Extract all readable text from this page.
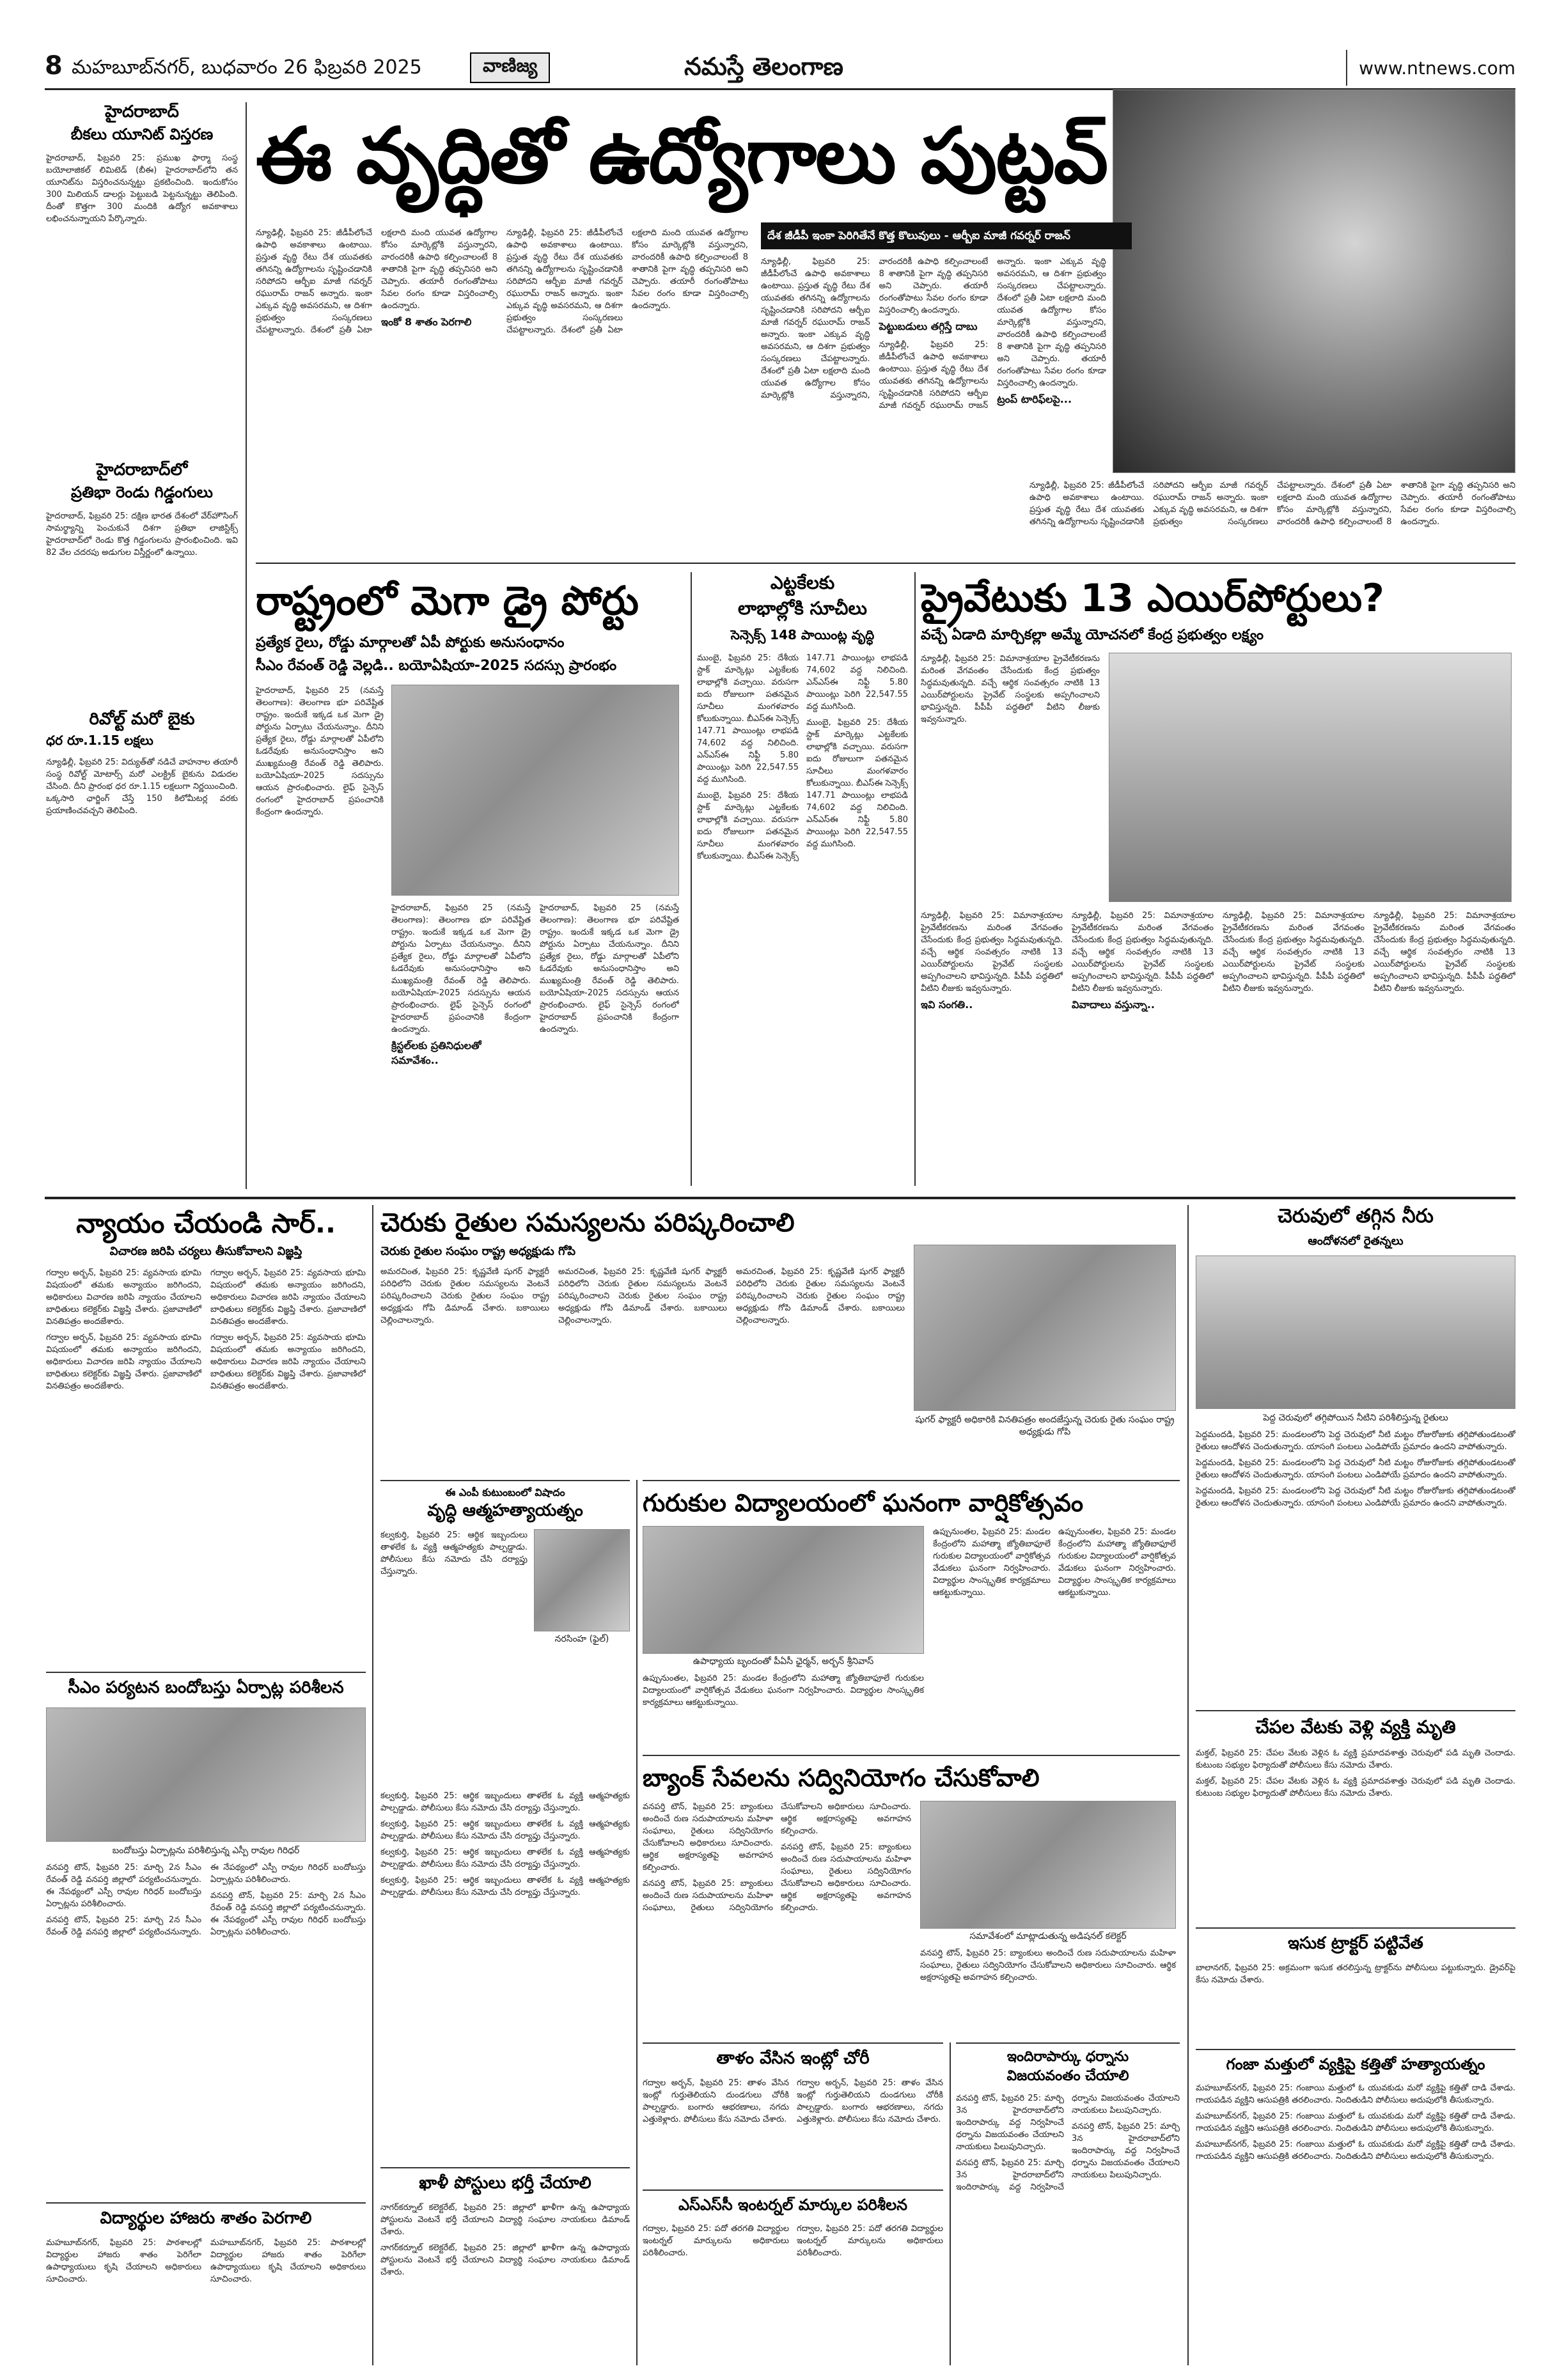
8 మహబూబ్‌నగర్, బుధవారం 26 ఫిబ్రవరి 2025	వాణిజ్య	నమస్తే తెలంగాణ	www.ntnews.com
హైదరాబాద్
బీకలు యూనిట్ విస్తరణ
హైదరాబాద్, ఫిబ్రవరి 25: ప్రముఖ ఫార్మా సంస్థ బయోలాజికల్ లిమిటెడ్ (బీఈ) హైదరాబాద్‌లోని తన యూనిట్‌ను విస్తరించనున్నట్టు ప్రకటించింది. ఇందుకోసం 300 మిలియన్ డాలర్లు పెట్టుబడి పెట్టనున్నట్టు తెలిపింది. దీంతో కొత్తగా 300 మందికి ఉద్యోగ అవకాశాలు లభించనున్నాయని పేర్కొన్నారు.
హైదరాబాద్‌లో
ప్రతిభా రెండు గిడ్డంగులు
హైదరాబాద్, ఫిబ్రవరి 25: దక్షిణ భారత దేశంలో వేర్‌హౌసింగ్ సామర్థ్యాన్ని పెంచుకునే దిశగా ప్రతిభా లాజిస్టిక్స్ హైదరాబాద్‌లో రెండు కొత్త గిడ్డంగులను ప్రారంభించింది. ఇవి 82 వేల చదరపు అడుగుల విస్తీర్ణంలో ఉన్నాయి.
రివోల్ట్ మరో బైకు
ధర రూ.1.15 లక్షలు
న్యూఢిల్లీ, ఫిబ్రవరి 25: విద్యుత్‌తో నడిచే వాహనాల తయారీ సంస్థ రివోల్ట్ మోటార్స్ మరో ఎలక్ట్రిక్ బైకును విడుదల చేసింది. దీని ప్రారంభ ధర రూ.1.15 లక్షలుగా నిర్ణయించింది. ఒక్కసారి ఛార్జింగ్ చేస్తే 150 కిలోమీటర్ల వరకు ప్రయాణించవచ్చని తెలిపింది.
ఈ వృద్ధితో ఉద్యోగాలు పుట్టవ్
దేశ జీడీపీ ఇంకా పెరిగితేనే కొత్త కొలువులు - ఆర్బీఐ మాజీ గవర్నర్ రాజన్
న్యూఢిల్లీ, ఫిబ్రవరి 25: జీడీపీలోంచే ఉపాధి అవకాశాలు ఉంటాయి. ప్రస్తుత వృద్ధి రేటు దేశ యువతకు తగినన్ని ఉద్యోగాలను సృష్టించడానికి సరిపోదని ఆర్బీఐ మాజీ గవర్నర్ రఘురామ్ రాజన్ అన్నారు. ఇంకా ఎక్కువ వృద్ధి అవసరమని, ఆ దిశగా ప్రభుత్వం సంస్కరణలు చేపట్టాలన్నారు. దేశంలో ప్రతీ ఏటా లక్షలాది మంది యువత ఉద్యోగాల కోసం మార్కెట్లోకి వస్తున్నారని, వారందరికీ ఉపాధి కల్పించాలంటే 8 శాతానికి పైగా వృద్ధి తప్పనిసరి అని చెప్పారు. తయారీ రంగంతోపాటు సేవల రంగం కూడా విస్తరించాల్సి ఉందన్నారు.
ఇంకో 8 శాతం పెరగాలి
న్యూఢిల్లీ, ఫిబ్రవరి 25: జీడీపీలోంచే ఉపాధి అవకాశాలు ఉంటాయి. ప్రస్తుత వృద్ధి రేటు దేశ యువతకు తగినన్ని ఉద్యోగాలను సృష్టించడానికి సరిపోదని ఆర్బీఐ మాజీ గవర్నర్ రఘురామ్ రాజన్ అన్నారు. ఇంకా ఎక్కువ వృద్ధి అవసరమని, ఆ దిశగా ప్రభుత్వం సంస్కరణలు చేపట్టాలన్నారు. దేశంలో ప్రతీ ఏటా లక్షలాది మంది యువత ఉద్యోగాల కోసం మార్కెట్లోకి వస్తున్నారని, వారందరికీ ఉపాధి కల్పించాలంటే 8 శాతానికి పైగా వృద్ధి తప్పనిసరి అని చెప్పారు. తయారీ రంగంతోపాటు సేవల రంగం కూడా విస్తరించాల్సి ఉందన్నారు.
న్యూఢిల్లీ, ఫిబ్రవరి 25: జీడీపీలోంచే ఉపాధి అవకాశాలు ఉంటాయి. ప్రస్తుత వృద్ధి రేటు దేశ యువతకు తగినన్ని ఉద్యోగాలను సృష్టించడానికి సరిపోదని ఆర్బీఐ మాజీ గవర్నర్ రఘురామ్ రాజన్ అన్నారు. ఇంకా ఎక్కువ వృద్ధి అవసరమని, ఆ దిశగా ప్రభుత్వం సంస్కరణలు చేపట్టాలన్నారు. దేశంలో ప్రతీ ఏటా లక్షలాది మంది యువత ఉద్యోగాల కోసం మార్కెట్లోకి వస్తున్నారని, వారందరికీ ఉపాధి కల్పించాలంటే 8 శాతానికి పైగా వృద్ధి తప్పనిసరి అని చెప్పారు. తయారీ రంగంతోపాటు సేవల రంగం కూడా విస్తరించాల్సి ఉందన్నారు.
పెట్టుబడులు తగ్గిస్తే దాబు
న్యూఢిల్లీ, ఫిబ్రవరి 25: జీడీపీలోంచే ఉపాధి అవకాశాలు ఉంటాయి. ప్రస్తుత వృద్ధి రేటు దేశ యువతకు తగినన్ని ఉద్యోగాలను సృష్టించడానికి సరిపోదని ఆర్బీఐ మాజీ గవర్నర్ రఘురామ్ రాజన్ అన్నారు. ఇంకా ఎక్కువ వృద్ధి అవసరమని, ఆ దిశగా ప్రభుత్వం సంస్కరణలు చేపట్టాలన్నారు. దేశంలో ప్రతీ ఏటా లక్షలాది మంది యువత ఉద్యోగాల కోసం మార్కెట్లోకి వస్తున్నారని, వారందరికీ ఉపాధి కల్పించాలంటే 8 శాతానికి పైగా వృద్ధి తప్పనిసరి అని చెప్పారు. తయారీ రంగంతోపాటు సేవల రంగం కూడా విస్తరించాల్సి ఉందన్నారు.
ట్రంప్ టారిఫ్‌లపై...
న్యూఢిల్లీ, ఫిబ్రవరి 25: జీడీపీలోంచే ఉపాధి అవకాశాలు ఉంటాయి. ప్రస్తుత వృద్ధి రేటు దేశ యువతకు తగినన్ని ఉద్యోగాలను సృష్టించడానికి సరిపోదని ఆర్బీఐ మాజీ గవర్నర్ రఘురామ్ రాజన్ అన్నారు. ఇంకా ఎక్కువ వృద్ధి అవసరమని, ఆ దిశగా ప్రభుత్వం సంస్కరణలు చేపట్టాలన్నారు. దేశంలో ప్రతీ ఏటా లక్షలాది మంది యువత ఉద్యోగాల కోసం మార్కెట్లోకి వస్తున్నారని, వారందరికీ ఉపాధి కల్పించాలంటే 8 శాతానికి పైగా వృద్ధి తప్పనిసరి అని చెప్పారు. తయారీ రంగంతోపాటు సేవల రంగం కూడా విస్తరించాల్సి ఉందన్నారు.
రాష్ట్రంలో మెగా డ్రై పోర్టు
ప్రత్యేక రైలు, రోడ్డు మార్గాలతో ఏపీ పోర్టుకు అనుసంధానం
సీఎం రేవంత్ రెడ్డి వెల్లడి.. బయోఏషియా-2025 సదస్సు ప్రారంభం
హైదరాబాద్, ఫిబ్రవరి 25 (నమస్తే తెలంగాణ): తెలంగాణ భూ పరివేష్టిత రాష్ట్రం. ఇందుకే ఇక్కడ ఒక మెగా డ్రై పోర్టును ఏర్పాటు చేయనున్నాం. దీనిని ప్రత్యేక రైలు, రోడ్డు మార్గాలతో ఏపీలోని ఓడరేవుకు అనుసంధానిస్తాం అని ముఖ్యమంత్రి రేవంత్ రెడ్డి తెలిపారు. బయోఏషియా-2025 సదస్సును ఆయన ప్రారంభించారు. లైఫ్ సైన్సెస్ రంగంలో హైదరాబాద్ ప్రపంచానికి కేంద్రంగా ఉందన్నారు.
హైదరాబాద్, ఫిబ్రవరి 25 (నమస్తే తెలంగాణ): తెలంగాణ భూ పరివేష్టిత రాష్ట్రం. ఇందుకే ఇక్కడ ఒక మెగా డ్రై పోర్టును ఏర్పాటు చేయనున్నాం. దీనిని ప్రత్యేక రైలు, రోడ్డు మార్గాలతో ఏపీలోని ఓడరేవుకు అనుసంధానిస్తాం అని ముఖ్యమంత్రి రేవంత్ రెడ్డి తెలిపారు. బయోఏషియా-2025 సదస్సును ఆయన ప్రారంభించారు. లైఫ్ సైన్సెస్ రంగంలో హైదరాబాద్ ప్రపంచానికి కేంద్రంగా ఉందన్నారు.
క్రిస్టల్‌లకు ప్రతినిధులతో సమావేశం..
హైదరాబాద్, ఫిబ్రవరి 25 (నమస్తే తెలంగాణ): తెలంగాణ భూ పరివేష్టిత రాష్ట్రం. ఇందుకే ఇక్కడ ఒక మెగా డ్రై పోర్టును ఏర్పాటు చేయనున్నాం. దీనిని ప్రత్యేక రైలు, రోడ్డు మార్గాలతో ఏపీలోని ఓడరేవుకు అనుసంధానిస్తాం అని ముఖ్యమంత్రి రేవంత్ రెడ్డి తెలిపారు. బయోఏషియా-2025 సదస్సును ఆయన ప్రారంభించారు. లైఫ్ సైన్సెస్ రంగంలో హైదరాబాద్ ప్రపంచానికి కేంద్రంగా ఉందన్నారు.
ఎట్టకేలకు
లాభాల్లోకి సూచీలు
సెన్సెక్స్ 148 పాయింట్ల వృద్ధి
ముంబై, ఫిబ్రవరి 25: దేశీయ స్టాక్ మార్కెట్లు ఎట్టకేలకు లాభాల్లోకి వచ్చాయి. వరుసగా ఐదు రోజులుగా పతనమైన సూచీలు మంగళవారం కోలుకున్నాయి. బీఎస్‌ఈ సెన్సెక్స్ 147.71 పాయింట్లు లాభపడి 74,602 వద్ద నిలిచింది. ఎన్‌ఎస్‌ఈ నిఫ్టీ 5.80 పాయింట్లు పెరిగి 22,547.55 వద్ద ముగిసింది.
ముంబై, ఫిబ్రవరి 25: దేశీయ స్టాక్ మార్కెట్లు ఎట్టకేలకు లాభాల్లోకి వచ్చాయి. వరుసగా ఐదు రోజులుగా పతనమైన సూచీలు మంగళవారం కోలుకున్నాయి. బీఎస్‌ఈ సెన్సెక్స్ 147.71 పాయింట్లు లాభపడి 74,602 వద్ద నిలిచింది. ఎన్‌ఎస్‌ఈ నిఫ్టీ 5.80 పాయింట్లు పెరిగి 22,547.55 వద్ద ముగిసింది.
ముంబై, ఫిబ్రవరి 25: దేశీయ స్టాక్ మార్కెట్లు ఎట్టకేలకు లాభాల్లోకి వచ్చాయి. వరుసగా ఐదు రోజులుగా పతనమైన సూచీలు మంగళవారం కోలుకున్నాయి. బీఎస్‌ఈ సెన్సెక్స్ 147.71 పాయింట్లు లాభపడి 74,602 వద్ద నిలిచింది. ఎన్‌ఎస్‌ఈ నిఫ్టీ 5.80 పాయింట్లు పెరిగి 22,547.55 వద్ద ముగిసింది.
ప్రైవేటుకు 13 ఎయిర్‌పోర్టులు?
వచ్చే ఏడాది మార్చికల్లా అమ్మే యోచనలో కేంద్ర ప్రభుత్వం లక్ష్యం
న్యూఢిల్లీ, ఫిబ్రవరి 25: విమానాశ్రయాల ప్రైవేటీకరణను మరింత వేగవంతం చేసేందుకు కేంద్ర ప్రభుత్వం సిద్ధమవుతున్నది. వచ్చే ఆర్థిక సంవత్సరం నాటికి 13 ఎయిర్‌పోర్టులను ప్రైవేట్ సంస్థలకు అప్పగించాలని భావిస్తున్నది. పీపీపీ పద్ధతిలో వీటిని లీజుకు ఇవ్వనున్నారు.
న్యూఢిల్లీ, ఫిబ్రవరి 25: విమానాశ్రయాల ప్రైవేటీకరణను మరింత వేగవంతం చేసేందుకు కేంద్ర ప్రభుత్వం సిద్ధమవుతున్నది. వచ్చే ఆర్థిక సంవత్సరం నాటికి 13 ఎయిర్‌పోర్టులను ప్రైవేట్ సంస్థలకు అప్పగించాలని భావిస్తున్నది. పీపీపీ పద్ధతిలో వీటిని లీజుకు ఇవ్వనున్నారు.
ఇవి సంగతి..
న్యూఢిల్లీ, ఫిబ్రవరి 25: విమానాశ్రయాల ప్రైవేటీకరణను మరింత వేగవంతం చేసేందుకు కేంద్ర ప్రభుత్వం సిద్ధమవుతున్నది. వచ్చే ఆర్థిక సంవత్సరం నాటికి 13 ఎయిర్‌పోర్టులను ప్రైవేట్ సంస్థలకు అప్పగించాలని భావిస్తున్నది. పీపీపీ పద్ధతిలో వీటిని లీజుకు ఇవ్వనున్నారు.
వివాదాలు వస్తున్నా..
న్యూఢిల్లీ, ఫిబ్రవరి 25: విమానాశ్రయాల ప్రైవేటీకరణను మరింత వేగవంతం చేసేందుకు కేంద్ర ప్రభుత్వం సిద్ధమవుతున్నది. వచ్చే ఆర్థిక సంవత్సరం నాటికి 13 ఎయిర్‌పోర్టులను ప్రైవేట్ సంస్థలకు అప్పగించాలని భావిస్తున్నది. పీపీపీ పద్ధతిలో వీటిని లీజుకు ఇవ్వనున్నారు.
న్యూఢిల్లీ, ఫిబ్రవరి 25: విమానాశ్రయాల ప్రైవేటీకరణను మరింత వేగవంతం చేసేందుకు కేంద్ర ప్రభుత్వం సిద్ధమవుతున్నది. వచ్చే ఆర్థిక సంవత్సరం నాటికి 13 ఎయిర్‌పోర్టులను ప్రైవేట్ సంస్థలకు అప్పగించాలని భావిస్తున్నది. పీపీపీ పద్ధతిలో వీటిని లీజుకు ఇవ్వనున్నారు.
న్యాయం చేయండి సార్..
విచారణ జరిపి చర్యలు తీసుకోవాలని విజ్ఞప్తి
గద్వాల అర్బన్, ఫిబ్రవరి 25: వ్యవసాయ భూమి విషయంలో తమకు అన్యాయం జరిగిందని, అధికారులు విచారణ జరిపి న్యాయం చేయాలని బాధితులు కలెక్టర్‌కు విజ్ఞప్తి చేశారు. ప్రజావాణిలో వినతిపత్రం అందజేశారు.
గద్వాల అర్బన్, ఫిబ్రవరి 25: వ్యవసాయ భూమి విషయంలో తమకు అన్యాయం జరిగిందని, అధికారులు విచారణ జరిపి న్యాయం చేయాలని బాధితులు కలెక్టర్‌కు విజ్ఞప్తి చేశారు. ప్రజావాణిలో వినతిపత్రం అందజేశారు.
గద్వాల అర్బన్, ఫిబ్రవరి 25: వ్యవసాయ భూమి విషయంలో తమకు అన్యాయం జరిగిందని, అధికారులు విచారణ జరిపి న్యాయం చేయాలని బాధితులు కలెక్టర్‌కు విజ్ఞప్తి చేశారు. ప్రజావాణిలో వినతిపత్రం అందజేశారు.
గద్వాల అర్బన్, ఫిబ్రవరి 25: వ్యవసాయ భూమి విషయంలో తమకు అన్యాయం జరిగిందని, అధికారులు విచారణ జరిపి న్యాయం చేయాలని బాధితులు కలెక్టర్‌కు విజ్ఞప్తి చేశారు. ప్రజావాణిలో వినతిపత్రం అందజేశారు.
సీఎం పర్యటన బందోబస్తు ఏర్పాట్ల పరిశీలన
బందోబస్తు ఏర్పాట్లను పరిశీలిస్తున్న ఎస్పీ రావుల గిరిధర్
వనపర్తి టౌన్, ఫిబ్రవరి 25: మార్చి 2న సీఎం రేవంత్ రెడ్డి వనపర్తి జిల్లాలో పర్యటించనున్నారు. ఈ నేపథ్యంలో ఎస్పీ రావుల గిరిధర్ బందోబస్తు ఏర్పాట్లను పరిశీలించారు.
వనపర్తి టౌన్, ఫిబ్రవరి 25: మార్చి 2న సీఎం రేవంత్ రెడ్డి వనపర్తి జిల్లాలో పర్యటించనున్నారు. ఈ నేపథ్యంలో ఎస్పీ రావుల గిరిధర్ బందోబస్తు ఏర్పాట్లను పరిశీలించారు.
వనపర్తి టౌన్, ఫిబ్రవరి 25: మార్చి 2న సీఎం రేవంత్ రెడ్డి వనపర్తి జిల్లాలో పర్యటించనున్నారు. ఈ నేపథ్యంలో ఎస్పీ రావుల గిరిధర్ బందోబస్తు ఏర్పాట్లను పరిశీలించారు.
విద్యార్థుల హాజరు శాతం పెరగాలి
మహబూబ్‌నగర్, ఫిబ్రవరి 25: పాఠశాలల్లో విద్యార్థుల హాజరు శాతం పెరిగేలా ఉపాధ్యాయులు కృషి చేయాలని అధికారులు సూచించారు.
మహబూబ్‌నగర్, ఫిబ్రవరి 25: పాఠశాలల్లో విద్యార్థుల హాజరు శాతం పెరిగేలా ఉపాధ్యాయులు కృషి చేయాలని అధికారులు సూచించారు.
చెరుకు రైతుల సమస్యలను పరిష్కరించాలి
చెరుకు రైతుల సంఘం రాష్ట్ర అధ్యక్షుడు గోపి
అమరచింత, ఫిబ్రవరి 25: కృష్ణవేణి షుగర్ ఫ్యాక్టరీ పరిధిలోని చెరుకు రైతుల సమస్యలను వెంటనే పరిష్కరించాలని చెరుకు రైతుల సంఘం రాష్ట్ర అధ్యక్షుడు గోపి డిమాండ్ చేశారు. బకాయిలు చెల్లించాలన్నారు.
అమరచింత, ఫిబ్రవరి 25: కృష్ణవేణి షుగర్ ఫ్యాక్టరీ పరిధిలోని చెరుకు రైతుల సమస్యలను వెంటనే పరిష్కరించాలని చెరుకు రైతుల సంఘం రాష్ట్ర అధ్యక్షుడు గోపి డిమాండ్ చేశారు. బకాయిలు చెల్లించాలన్నారు.
అమరచింత, ఫిబ్రవరి 25: కృష్ణవేణి షుగర్ ఫ్యాక్టరీ పరిధిలోని చెరుకు రైతుల సమస్యలను వెంటనే పరిష్కరించాలని చెరుకు రైతుల సంఘం రాష్ట్ర అధ్యక్షుడు గోపి డిమాండ్ చేశారు. బకాయిలు చెల్లించాలన్నారు.
షుగర్ ఫ్యాక్టరీ అధికారికి వినతిపత్రం అందజేస్తున్న చెరుకు రైతు సంఘం రాష్ట్ర అధ్యక్షుడు గోపి
ఈ ఎంపీ కుటుంబంలో విషాదం
వృద్ధి ఆత్మహత్యాయత్నం
కల్వకుర్తి, ఫిబ్రవరి 25: ఆర్థిక ఇబ్బందులు తాళలేక ఓ వ్యక్తి ఆత్మహత్యకు పాల్పడ్డాడు. పోలీసులు కేసు నమోదు చేసి దర్యాప్తు చేస్తున్నారు.
నరసింహ (ఫైల్)
కల్వకుర్తి, ఫిబ్రవరి 25: ఆర్థిక ఇబ్బందులు తాళలేక ఓ వ్యక్తి ఆత్మహత్యకు పాల్పడ్డాడు. పోలీసులు కేసు నమోదు చేసి దర్యాప్తు చేస్తున్నారు.
కల్వకుర్తి, ఫిబ్రవరి 25: ఆర్థిక ఇబ్బందులు తాళలేక ఓ వ్యక్తి ఆత్మహత్యకు పాల్పడ్డాడు. పోలీసులు కేసు నమోదు చేసి దర్యాప్తు చేస్తున్నారు.
కల్వకుర్తి, ఫిబ్రవరి 25: ఆర్థిక ఇబ్బందులు తాళలేక ఓ వ్యక్తి ఆత్మహత్యకు పాల్పడ్డాడు. పోలీసులు కేసు నమోదు చేసి దర్యాప్తు చేస్తున్నారు.
కల్వకుర్తి, ఫిబ్రవరి 25: ఆర్థిక ఇబ్బందులు తాళలేక ఓ వ్యక్తి ఆత్మహత్యకు పాల్పడ్డాడు. పోలీసులు కేసు నమోదు చేసి దర్యాప్తు చేస్తున్నారు.
ఖాళీ పోస్టులు భర్తీ చేయాలి
నాగర్‌కర్నూల్ కలెక్టరేట్, ఫిబ్రవరి 25: జిల్లాలో ఖాళీగా ఉన్న ఉపాధ్యాయ పోస్టులను వెంటనే భర్తీ చేయాలని విద్యార్థి సంఘాల నాయకులు డిమాండ్ చేశారు.
నాగర్‌కర్నూల్ కలెక్టరేట్, ఫిబ్రవరి 25: జిల్లాలో ఖాళీగా ఉన్న ఉపాధ్యాయ పోస్టులను వెంటనే భర్తీ చేయాలని విద్యార్థి సంఘాల నాయకులు డిమాండ్ చేశారు.
గురుకుల విద్యాలయంలో ఘనంగా వార్షికోత్సవం
ఉపాధ్యాయ బృందంతో పీఏసీ ఛైర్మన్, అర్బన్ శ్రీనివాస్
ఉప్పునుంతల, ఫిబ్రవరి 25: మండల కేంద్రంలోని మహాత్మా జ్యోతిబాఫూలే గురుకుల విద్యాలయంలో వార్షికోత్సవ వేడుకలు ఘనంగా నిర్వహించారు. విద్యార్థుల సాంస్కృతిక కార్యక్రమాలు ఆకట్టుకున్నాయి.
ఉప్పునుంతల, ఫిబ్రవరి 25: మండల కేంద్రంలోని మహాత్మా జ్యోతిబాఫూలే గురుకుల విద్యాలయంలో వార్షికోత్సవ వేడుకలు ఘనంగా నిర్వహించారు. విద్యార్థుల సాంస్కృతిక కార్యక్రమాలు ఆకట్టుకున్నాయి.
ఉప్పునుంతల, ఫిబ్రవరి 25: మండల కేంద్రంలోని మహాత్మా జ్యోతిబాఫూలే గురుకుల విద్యాలయంలో వార్షికోత్సవ వేడుకలు ఘనంగా నిర్వహించారు. విద్యార్థుల సాంస్కృతిక కార్యక్రమాలు ఆకట్టుకున్నాయి.
బ్యాంక్ సేవలను సద్వినియోగం చేసుకోవాలి
వనపర్తి టౌన్, ఫిబ్రవరి 25: బ్యాంకులు అందించే రుణ సదుపాయాలను మహిళా సంఘాలు, రైతులు సద్వినియోగం చేసుకోవాలని అధికారులు సూచించారు. ఆర్థిక అక్షరాస్యతపై అవగాహన కల్పించారు.
వనపర్తి టౌన్, ఫిబ్రవరి 25: బ్యాంకులు అందించే రుణ సదుపాయాలను మహిళా సంఘాలు, రైతులు సద్వినియోగం చేసుకోవాలని అధికారులు సూచించారు. ఆర్థిక అక్షరాస్యతపై అవగాహన కల్పించారు.
వనపర్తి టౌన్, ఫిబ్రవరి 25: బ్యాంకులు అందించే రుణ సదుపాయాలను మహిళా సంఘాలు, రైతులు సద్వినియోగం చేసుకోవాలని అధికారులు సూచించారు. ఆర్థిక అక్షరాస్యతపై అవగాహన కల్పించారు.
సమావేశంలో మాట్లాడుతున్న అడిషనల్ కలెక్టర్
వనపర్తి టౌన్, ఫిబ్రవరి 25: బ్యాంకులు అందించే రుణ సదుపాయాలను మహిళా సంఘాలు, రైతులు సద్వినియోగం చేసుకోవాలని అధికారులు సూచించారు. ఆర్థిక అక్షరాస్యతపై అవగాహన కల్పించారు.
తాళం వేసిన ఇంట్లో చోరీ
గద్వాల అర్బన్, ఫిబ్రవరి 25: తాళం వేసిన ఇంట్లో గుర్తుతెలియని దుండగులు చోరీకి పాల్పడ్డారు. బంగారు ఆభరణాలు, నగదు ఎత్తుకెళ్లారు. పోలీసులు కేసు నమోదు చేశారు.
గద్వాల అర్బన్, ఫిబ్రవరి 25: తాళం వేసిన ఇంట్లో గుర్తుతెలియని దుండగులు చోరీకి పాల్పడ్డారు. బంగారు ఆభరణాలు, నగదు ఎత్తుకెళ్లారు. పోలీసులు కేసు నమోదు చేశారు.
ఎస్ఎస్‌సీ ఇంటర్నల్ మార్కుల పరిశీలన
గద్వాల, ఫిబ్రవరి 25: పదో తరగతి విద్యార్థుల ఇంటర్నల్ మార్కులను అధికారులు పరిశీలించారు.
గద్వాల, ఫిబ్రవరి 25: పదో తరగతి విద్యార్థుల ఇంటర్నల్ మార్కులను అధికారులు పరిశీలించారు.
ఇందిరాపార్కు ధర్నాను
విజయవంతం చేయాలి
వనపర్తి టౌన్, ఫిబ్రవరి 25: మార్చి 3న హైదరాబాద్‌లోని ఇందిరాపార్కు వద్ద నిర్వహించే ధర్నాను విజయవంతం చేయాలని నాయకులు పిలుపునిచ్చారు.
వనపర్తి టౌన్, ఫిబ్రవరి 25: మార్చి 3న హైదరాబాద్‌లోని ఇందిరాపార్కు వద్ద నిర్వహించే ధర్నాను విజయవంతం చేయాలని నాయకులు పిలుపునిచ్చారు.
వనపర్తి టౌన్, ఫిబ్రవరి 25: మార్చి 3న హైదరాబాద్‌లోని ఇందిరాపార్కు వద్ద నిర్వహించే ధర్నాను విజయవంతం చేయాలని నాయకులు పిలుపునిచ్చారు.
చెరువులో తగ్గిన నీరు
ఆందోళనలో రైతన్నలు
పెద్ద చెరువులో తగ్గిపోయిన నీటిని పరిశీలిస్తున్న రైతులు
పెద్దమందడి, ఫిబ్రవరి 25: మండలంలోని పెద్ద చెరువులో నీటి మట్టం రోజురోజుకు తగ్గిపోతుండటంతో రైతులు ఆందోళన చెందుతున్నారు. యాసంగి పంటలు ఎండిపోయే ప్రమాదం ఉందని వాపోతున్నారు.
పెద్దమందడి, ఫిబ్రవరి 25: మండలంలోని పెద్ద చెరువులో నీటి మట్టం రోజురోజుకు తగ్గిపోతుండటంతో రైతులు ఆందోళన చెందుతున్నారు. యాసంగి పంటలు ఎండిపోయే ప్రమాదం ఉందని వాపోతున్నారు.
పెద్దమందడి, ఫిబ్రవరి 25: మండలంలోని పెద్ద చెరువులో నీటి మట్టం రోజురోజుకు తగ్గిపోతుండటంతో రైతులు ఆందోళన చెందుతున్నారు. యాసంగి పంటలు ఎండిపోయే ప్రమాదం ఉందని వాపోతున్నారు.
చేపల వేటకు వెళ్లి వ్యక్తి మృతి
మక్తల్, ఫిబ్రవరి 25: చేపల వేటకు వెళ్లిన ఓ వ్యక్తి ప్రమాదవశాత్తు చెరువులో పడి మృతి చెందాడు. కుటుంబ సభ్యుల ఫిర్యాదుతో పోలీసులు కేసు నమోదు చేశారు.
మక్తల్, ఫిబ్రవరి 25: చేపల వేటకు వెళ్లిన ఓ వ్యక్తి ప్రమాదవశాత్తు చెరువులో పడి మృతి చెందాడు. కుటుంబ సభ్యుల ఫిర్యాదుతో పోలీసులు కేసు నమోదు చేశారు.
ఇసుక ట్రాక్టర్ పట్టివేత
బాలానగర్, ఫిబ్రవరి 25: అక్రమంగా ఇసుక తరలిస్తున్న ట్రాక్టర్‌ను పోలీసులు పట్టుకున్నారు. డ్రైవర్‌పై కేసు నమోదు చేశారు.
గంజా మత్తులో వ్యక్తిపై కత్తితో హత్యాయత్నం
మహబూబ్‌నగర్, ఫిబ్రవరి 25: గంజాయి మత్తులో ఓ యువకుడు మరో వ్యక్తిపై కత్తితో దాడి చేశాడు. గాయపడిన వ్యక్తిని ఆసుపత్రికి తరలించారు. నిందితుడిని పోలీసులు అదుపులోకి తీసుకున్నారు.
మహబూబ్‌నగర్, ఫిబ్రవరి 25: గంజాయి మత్తులో ఓ యువకుడు మరో వ్యక్తిపై కత్తితో దాడి చేశాడు. గాయపడిన వ్యక్తిని ఆసుపత్రికి తరలించారు. నిందితుడిని పోలీసులు అదుపులోకి తీసుకున్నారు.
మహబూబ్‌నగర్, ఫిబ్రవరి 25: గంజాయి మత్తులో ఓ యువకుడు మరో వ్యక్తిపై కత్తితో దాడి చేశాడు. గాయపడిన వ్యక్తిని ఆసుపత్రికి తరలించారు. నిందితుడిని పోలీసులు అదుపులోకి తీసుకున్నారు.
